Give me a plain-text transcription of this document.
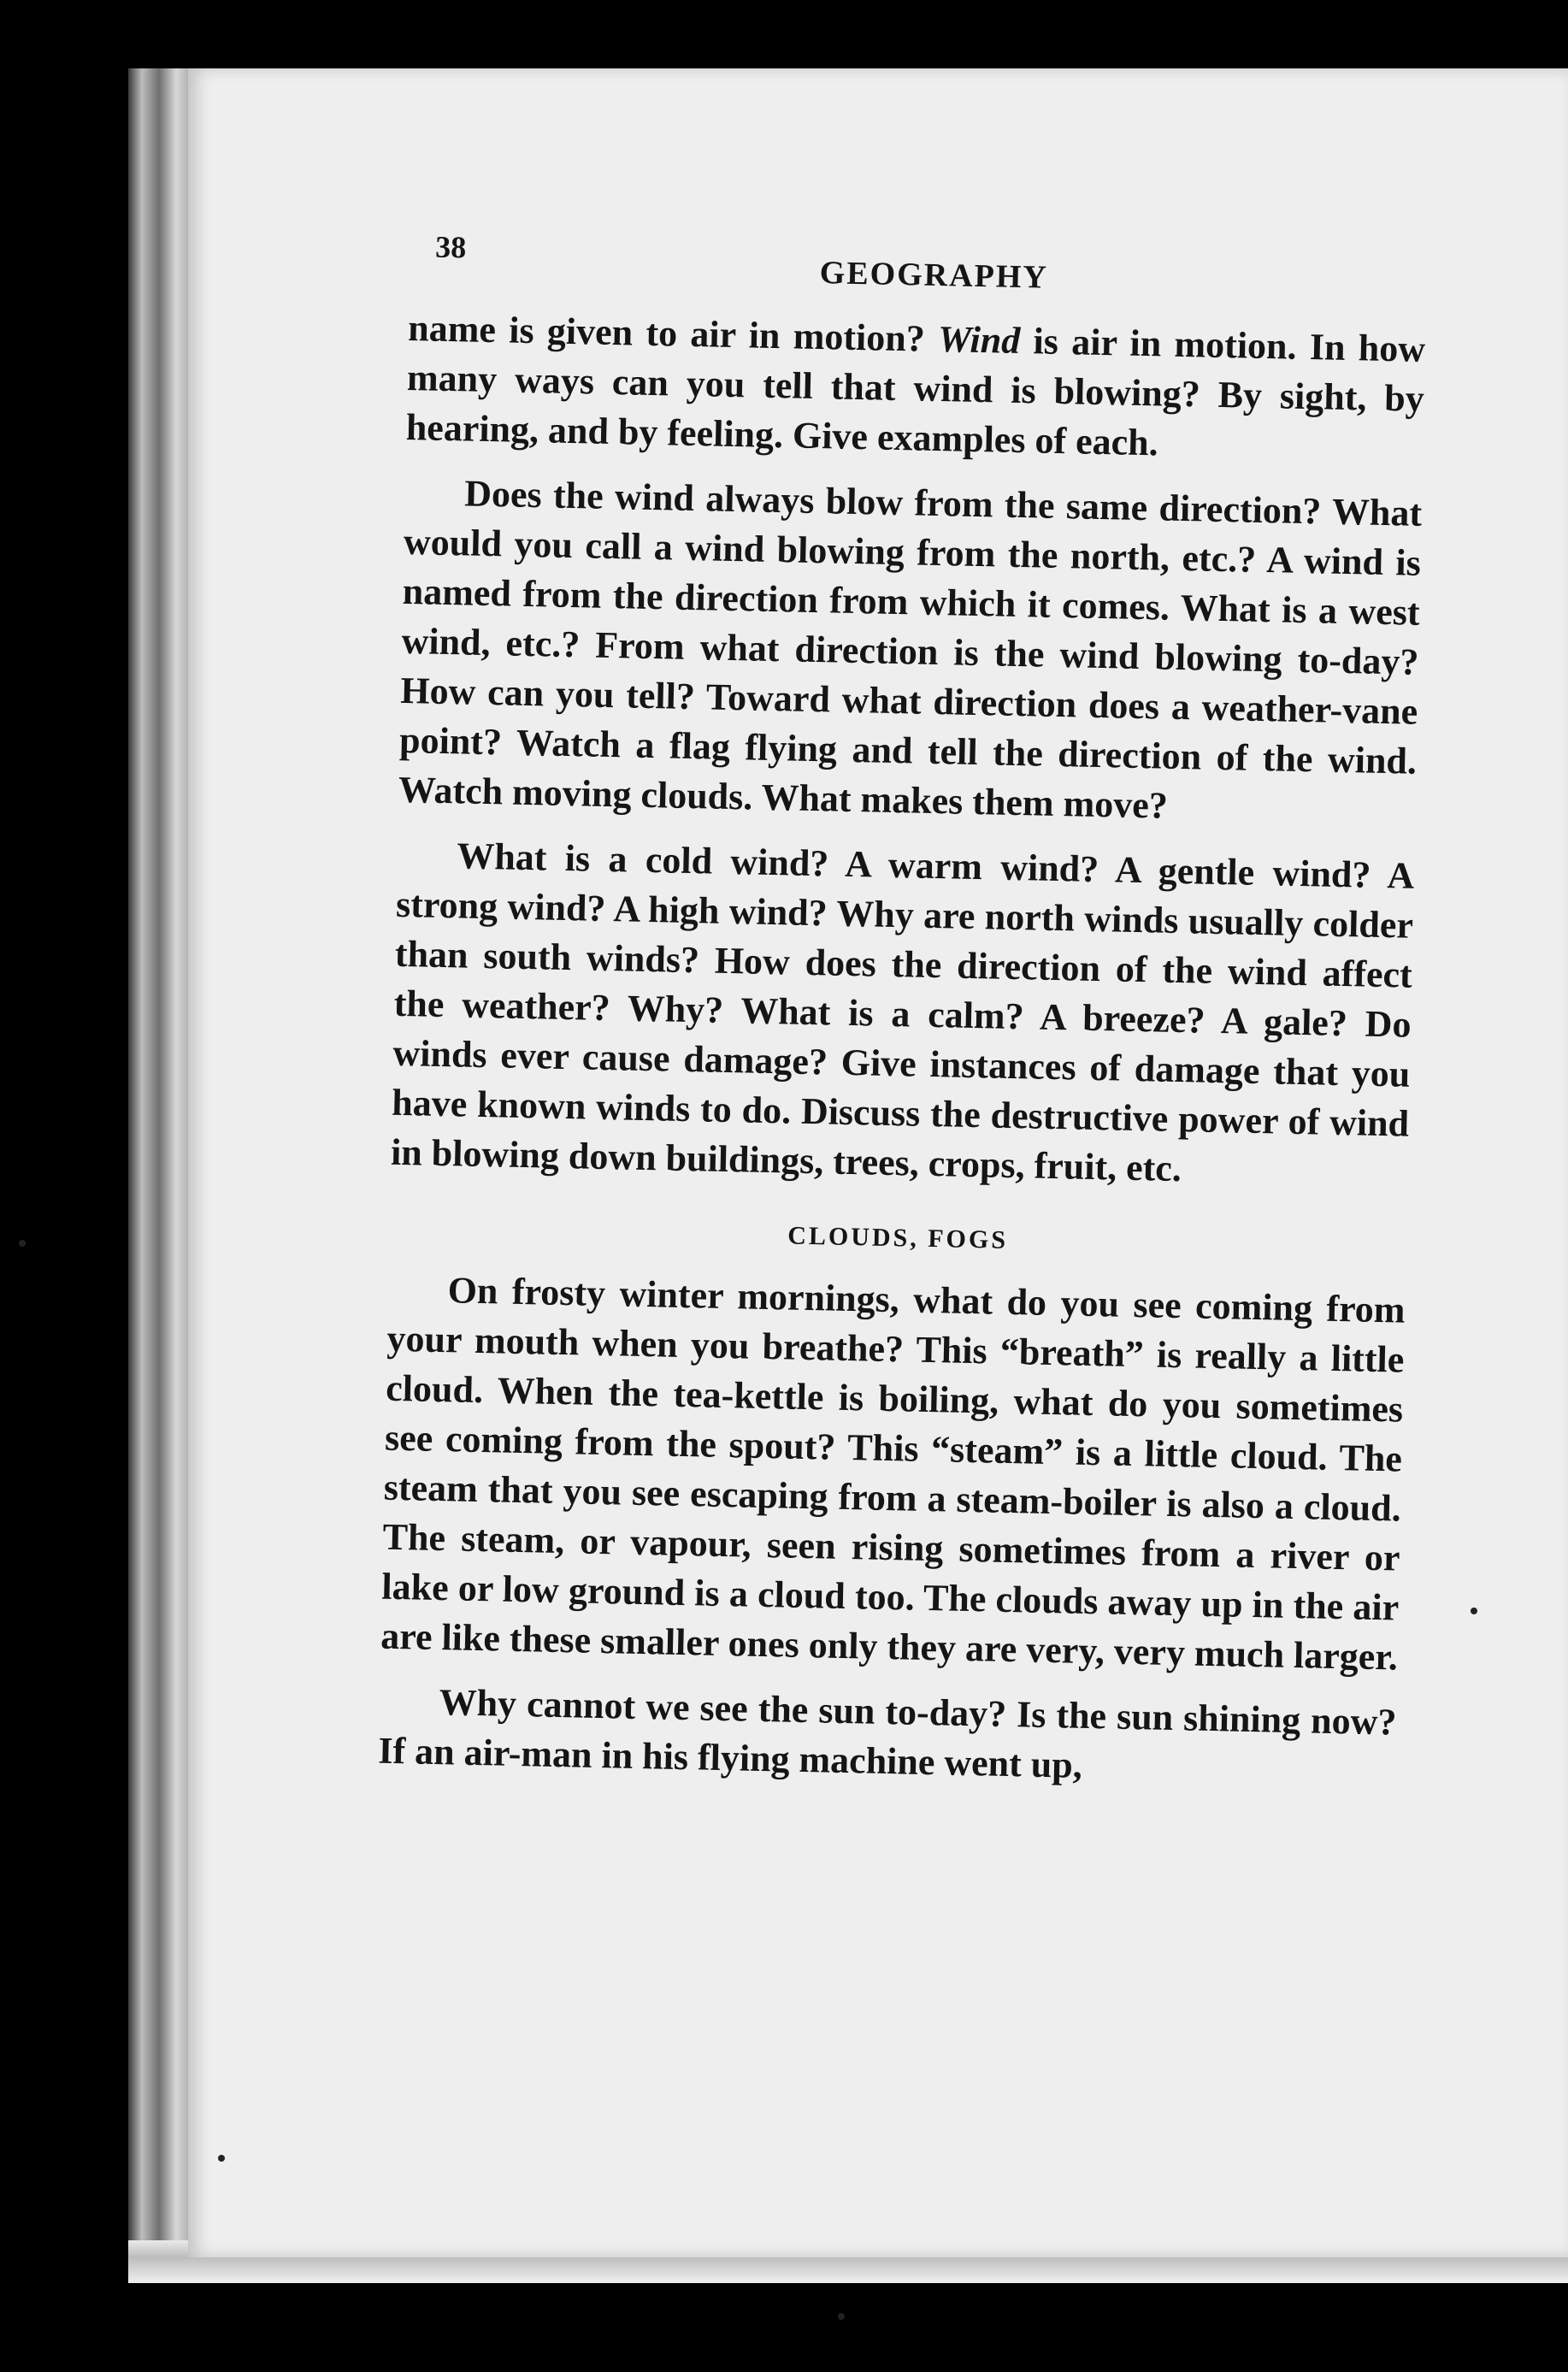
38
GEOGRAPHY

name is given to air in motion? Wind is air in motion. In how many ways can you tell that wind is blowing? By sight, by hearing, and by feeling. Give examples of each.

Does the wind always blow from the same direction? What would you call a wind blowing from the north, etc.? A wind is named from the direction from which it comes. What is a west wind, etc.? From what direction is the wind blowing to-day? How can you tell? Toward what direction does a weather-vane point? Watch a flag flying and tell the direction of the wind. Watch moving clouds. What makes them move?

What is a cold wind? A warm wind? A gentle wind? A strong wind? A high wind? Why are north winds usually colder than south winds? How does the direction of the wind affect the weather? Why? What is a calm? A breeze? A gale? Do winds ever cause damage? Give instances of damage that you have known winds to do. Discuss the destructive power of wind in blowing down buildings, trees, crops, fruit, etc.

CLOUDS, FOGS

On frosty winter mornings, what do you see coming from your mouth when you breathe? This “breath” is really a little cloud. When the tea-kettle is boiling, what do you sometimes see coming from the spout? This “steam” is a little cloud. The steam that you see escaping from a steam-boiler is also a cloud. The steam, or vapour, seen rising sometimes from a river or lake or low ground is a cloud too. The clouds away up in the air are like these smaller ones only they are very, very much larger.

Why cannot we see the sun to-day? Is the sun shining now? If an air-man in his flying machine went up,
